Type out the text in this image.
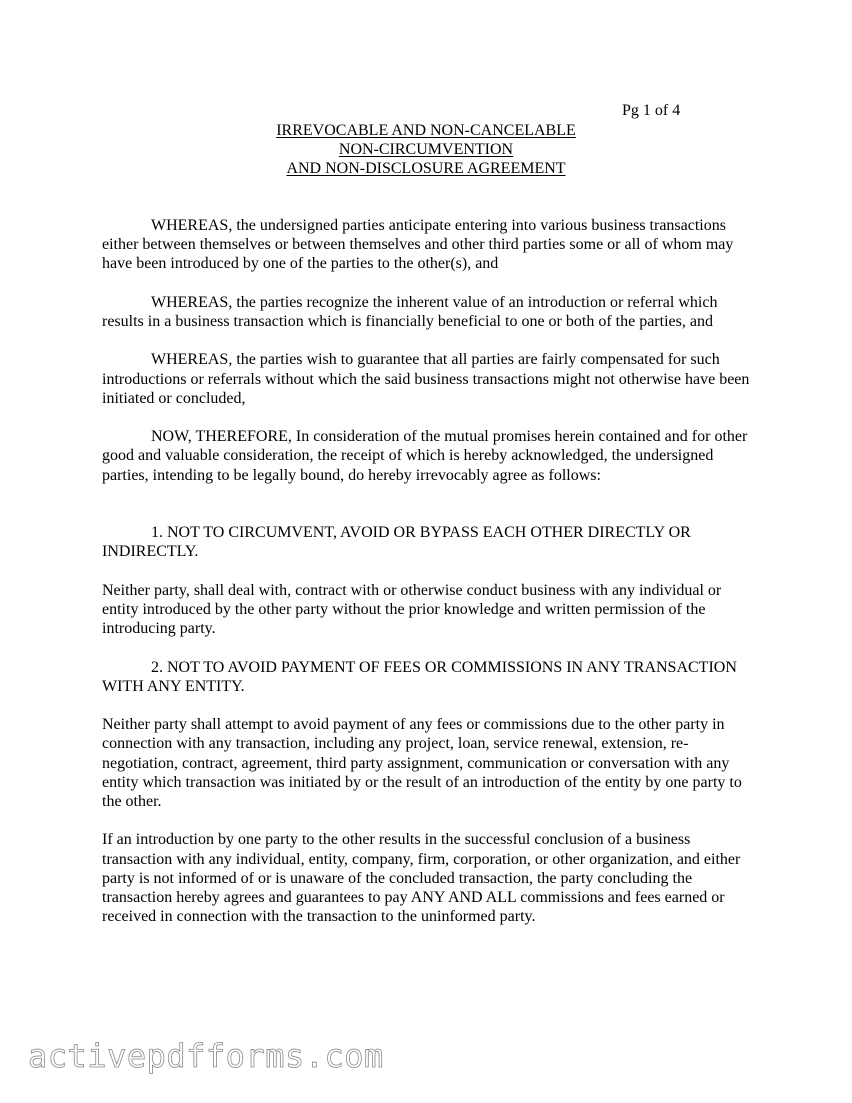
Pg 1 of 4
IRREVOCABLE AND NON-CANCELABLE
NON-CIRCUMVENTION
AND NON-DISCLOSURE AGREEMENT

WHEREAS, the undersigned parties anticipate entering into various business transactions either between themselves or between themselves and other third parties some or all of whom may have been introduced by one of the parties to the other(s), and

WHEREAS, the parties recognize the inherent value of an introduction or referral which results in a business transaction which is financially beneficial to one or both of the parties, and

WHEREAS, the parties wish to guarantee that all parties are fairly compensated for such introductions or referrals without which the said business transactions might not otherwise have been initiated or concluded,

NOW, THEREFORE, In consideration of the mutual promises herein contained and for other good and valuable consideration, the receipt of which is hereby acknowledged, the undersigned parties, intending to be legally bound, do hereby irrevocably agree as follows:

1. NOT TO CIRCUMVENT, AVOID OR BYPASS EACH OTHER DIRECTLY OR INDIRECTLY.

Neither party, shall deal with, contract with or otherwise conduct business with any individual or entity introduced by the other party without the prior knowledge and written permission of the introducing party.

2. NOT TO AVOID PAYMENT OF FEES OR COMMISSIONS IN ANY TRANSACTION WITH ANY ENTITY.

Neither party shall attempt to avoid payment of any fees or commissions due to the other party in connection with any transaction, including any project, loan, service renewal, extension, re-negotiation, contract, agreement, third party assignment, communication or conversation with any entity which transaction was initiated by or the result of an introduction of the entity by one party to the other.

If an introduction by one party to the other results in the successful conclusion of a business transaction with any individual, entity, company, firm, corporation, or other organization, and either party is not informed of or is unaware of the concluded transaction, the party concluding the transaction hereby agrees and guarantees to pay ANY AND ALL commissions and fees earned or received in connection with the transaction to the uninformed party.

activepdfforms.com
